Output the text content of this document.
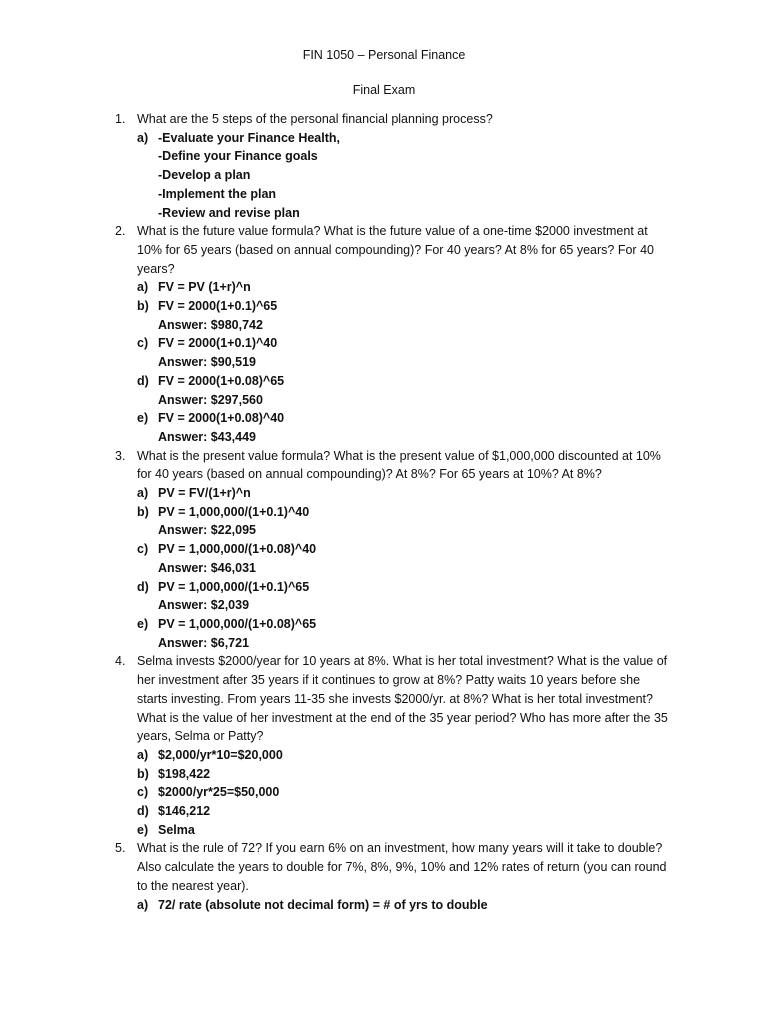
FIN 1050 – Personal Finance
Final Exam
1. What are the 5 steps of the personal financial planning process?
a) -Evaluate your Finance Health,
-Define your Finance goals
-Develop a plan
-Implement the plan
-Review and revise plan
2. What is the future value formula? What is the future value of a one-time $2000 investment at 10% for 65 years (based on annual compounding)? For 40 years? At 8% for 65 years? For 40 years?
a) FV = PV (1+r)^n
b) FV = 2000(1+0.1)^65
Answer: $980,742
c) FV = 2000(1+0.1)^40
Answer: $90,519
d) FV = 2000(1+0.08)^65
Answer: $297,560
e) FV = 2000(1+0.08)^40
Answer: $43,449
3. What is the present value formula? What is the present value of $1,000,000 discounted at 10% for 40 years (based on annual compounding)? At 8%? For 65 years at 10%? At 8%?
a) PV = FV/(1+r)^n
b) PV = 1,000,000/(1+0.1)^40
Answer: $22,095
c) PV = 1,000,000/(1+0.08)^40
Answer: $46,031
d) PV = 1,000,000/(1+0.1)^65
Answer: $2,039
e) PV = 1,000,000/(1+0.08)^65
Answer: $6,721
4. Selma invests $2000/year for 10 years at 8%. What is her total investment? What is the value of her investment after 35 years if it continues to grow at 8%? Patty waits 10 years before she starts investing. From years 11-35 she invests $2000/yr. at 8%? What is her total investment? What is the value of her investment at the end of the 35 year period? Who has more after the 35 years, Selma or Patty?
a) $2,000/yr*10=$20,000
b) $198,422
c) $2000/yr*25=$50,000
d) $146,212
e) Selma
5. What is the rule of 72? If you earn 6% on an investment, how many years will it take to double? Also calculate the years to double for 7%, 8%, 9%, 10% and 12% rates of return (you can round to the nearest year).
a) 72/ rate (absolute not decimal form) = # of yrs to double
